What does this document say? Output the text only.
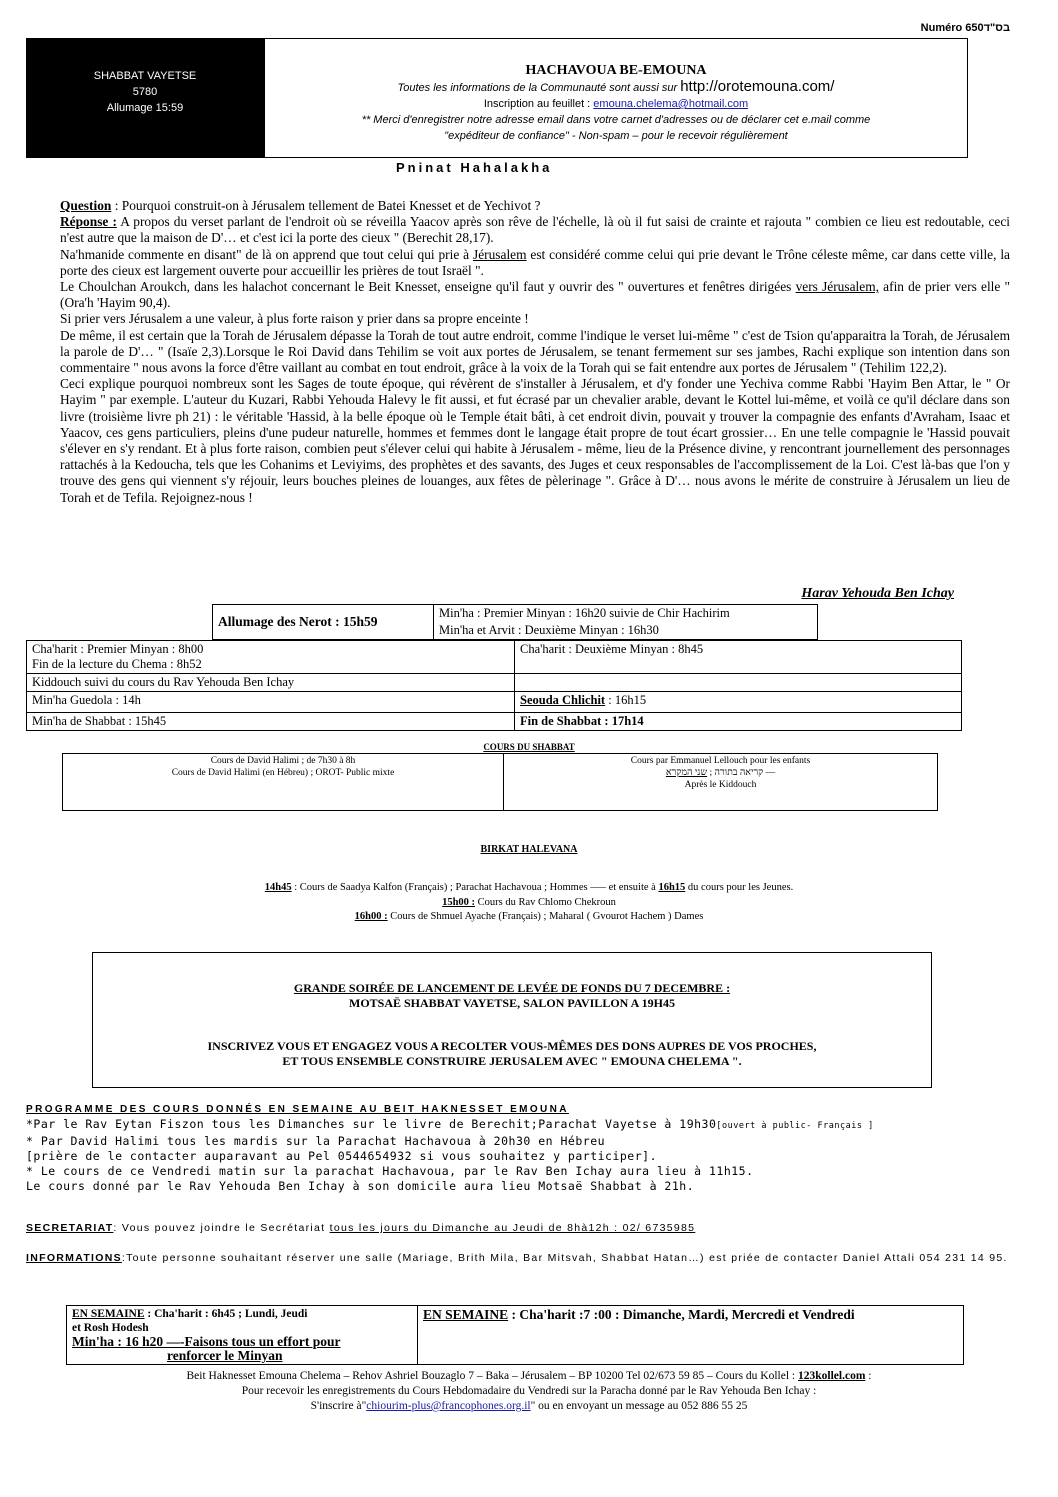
Numéro 650בס"ד
SHABBAT VAYETSE
5780
Allumage 15:59
HACHAVOUA BE-EMOUNA
Toutes les informations de la Communauté sont aussi sur http://orotemouna.com/
Inscription au feuillet : emouna.chelema@hotmail.com
** Merci d'enregistrer notre adresse email dans votre carnet d'adresses ou de déclarer cet e.mail comme
"expéditeur de confiance" - Non-spam – pour le recevoir régulièrement
Pninat Hahalakha

Question : Pourquoi construit-on à Jérusalem tellement de Batei Knesset et de Yechivot ?

Réponse : A propos du verset parlant de l'endroit où se réveilla Yaacov après son rêve de l'échelle, là où il fut saisi de crainte et rajouta " combien ce lieu est redoutable, ceci n'est autre que la maison de D'… et c'est ici la porte des cieux " (Berechit 28,17).

Na'hmanide commente en disant" de là on apprend que tout celui qui prie à Jérusalem est considéré comme celui qui prie devant le Trône céleste même, car dans cette ville, la porte des cieux est largement ouverte pour accueillir les prières de tout Israël ".

Le Choulchan Aroukch, dans les halachot concernant le Beit Knesset, enseigne qu'il faut y ouvrir des " ouvertures et fenêtres dirigées vers Jérusalem, afin de prier vers elle " (Ora'h 'Hayim 90,4).

Si prier vers Jérusalem a une valeur, à plus forte raison y prier dans sa propre enceinte !

De même, il est certain que la Torah de Jérusalem dépasse la Torah de tout autre endroit, comme l'indique le verset lui-même " c'est de Tsion qu'apparaitra la Torah, de Jérusalem la parole de D'… " (Isaïe 2,3).Lorsque le Roi David dans Tehilim se voit aux portes de Jérusalem, se tenant fermement sur ses jambes, Rachi explique son intention dans son commentaire " nous avons la force d'être vaillant au combat en tout endroit, grâce à la voix de la Torah qui se fait entendre aux portes de Jérusalem " (Tehilim 122,2).

Ceci explique pourquoi nombreux sont les Sages de toute époque, qui révèrent de s'installer à Jérusalem, et d'y fonder une Yechiva comme Rabbi 'Hayim Ben Attar, le " Or Hayim " par exemple. L'auteur du Kuzari, Rabbi Yehouda Halevy le fit aussi, et fut écrasé par un chevalier arable, devant le Kottel lui-même, et voilà ce qu'il déclare dans son livre (troisième livre ph 21) : le véritable 'Hassid, à la belle époque où le Temple était bâti, à cet endroit divin, pouvait y trouver la compagnie des enfants d'Avraham, Isaac et Yaacov, ces gens particuliers, pleins d'une pudeur naturelle, hommes et femmes dont le langage était propre de tout écart grossier… En une telle compagnie le 'Hassid pouvait s'élever en s'y rendant. Et à plus forte raison, combien peut s'élever celui qui habite à Jérusalem - même, lieu de la Présence divine, y rencontrant journellement des personnages rattachés à la Kedoucha, tels que les Cohanims et Leviyims, des prophètes et des savants, des Juges et ceux responsables de l'accomplissement de la Loi. C'est là-bas que l'on y trouve des gens qui viennent s'y réjouir, leurs bouches pleines de louanges, aux fêtes de pèlerinage ". Grâce à D'… nous avons le mérite de construire à Jérusalem un lieu de Torah et de Tefila. Rejoignez-nous !

Harav Yehouda Ben Ichay
Allumage des Nerot : 15h59	Min'ha : Premier Minyan : 16h20 suivie de Chir Hachirim
Min'ha et Arvit : Deuxième Minyan : 16h30
Cha'harit : Premier Minyan : 8h00
Fin de la lecture du Chema : 8h52	Cha'harit : Deuxième Minyan : 8h45
Kiddouch suivi du cours du Rav Yehouda Ben Ichay	
Min'ha Guedola : 14h	Seouda Chlichit : 16h15
Min'ha de Shabbat : 15h45	Fin de Shabbat : 17h14
COURS DU SHABBAT
Cours de David Halimi ; de 7h30 à 8h
Cours de David Halimi (en Hébreu) ; OROT- Public mixte

Cours par Emmanuel Lellouch pour les enfants
קריאה בתורה ; שני המקרא	—
Après le Kiddouch
BIRKAT HALEVANA
14h45 : Cours de Saadya Kalfon (Français) ; Parachat Hachavoua ; Hommes —– et ensuite à 16h15 du cours pour les Jeunes.
15h00 : Cours du Rav Chlomo Chekroun
16h00 : Cours de Shmuel Ayache (Français) ; Maharal ( Gvourot Hachem ) Dames
GRANDE SOIRÉE DE LANCEMENT DE LEVÉE DE FONDS DU 7 DECEMBRE :
MOTSAË SHABBAT VAYETSE, SALON PAVILLON A 19H45
INSCRIVEZ VOUS ET ENGAGEZ VOUS A RECOLTER VOUS-MÊMES DES DONS AUPRES DE VOS PROCHES,
ET TOUS ENSEMBLE CONSTRUIRE JERUSALEM AVEC " EMOUNA CHELEMA ".
PROGRAMME DES COURS DONNÉS EN SEMAINE AU BEIT HAKNESSET EMOUNA
*Par le Rav Eytan Fiszon tous les Dimanches sur le livre de Berechit;Parachat Vayetse à 19h30[ouvert à public- Français ]
* Par David Halimi tous les mardis sur la Parachat Hachavoua à 20h30 en Hébreu
[prière de le contacter auparavant au Pel 0544654932 si vous souhaitez y participer].
* Le cours de ce Vendredi matin sur la parachat Hachavoua, par le Rav Ben Ichay aura lieu à 11h15.
Le cours donné par le Rav Yehouda Ben Ichay à son domicile aura lieu Motsaë Shabbat à 21h.
SECRETARIAT: Vous pouvez joindre le Secrétariat tous les jours du Dimanche au Jeudi de 8hà12h : 02/ 6735985
INFORMATIONS:Toute personne souhaitant réserver une salle (Mariage, Brith Mila, Bar Mitsvah, Shabbat Hatan…) est priée de contacter Daniel Attali 054 231 14 95.
EN SEMAINE : Cha'harit : 6h45 ; Lundi, Jeudi
et Rosh Hodesh
Min'ha : 16 h20 —-Faisons tous un effort pour
renforcer le Minyan
	EN SEMAINE : Cha'harit :7 :00 : Dimanche, Mardi, Mercredi et Vendredi
Beit Haknesset Emouna Chelema – Rehov Ashriel Bouzaglo 7 – Baka – Jérusalem – BP 10200 Tel 02/673 59 85 – Cours du Kollel : 123kollel.com :
Pour recevoir les enregistrements du Cours Hebdomadaire du Vendredi sur la Paracha donné par le Rav Yehouda Ben Ichay :
S'inscrire à"chiourim-plus@francophones.org.il" ou en envoyant un message au 052 886 55 25
